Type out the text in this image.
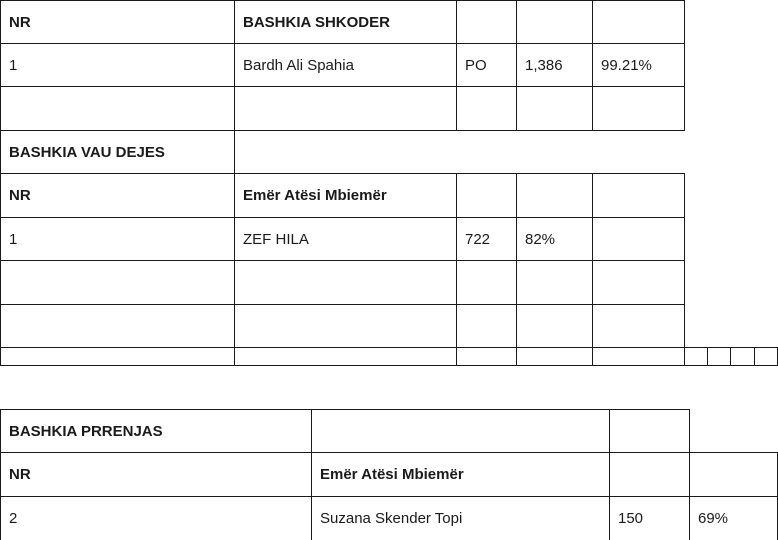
NR	BASHKIA SHKODER
1	Bardh Ali Spahia	PO	1,386	99.21%
BASHKIA VAU DEJES
NR	Emër Atësi Mbiemër
1	ZEF HILA	722	82%
BASHKIA PRRENJAS
NR	Emër Atësi Mbiemër
2	Suzana Skender Topi	150	69%
